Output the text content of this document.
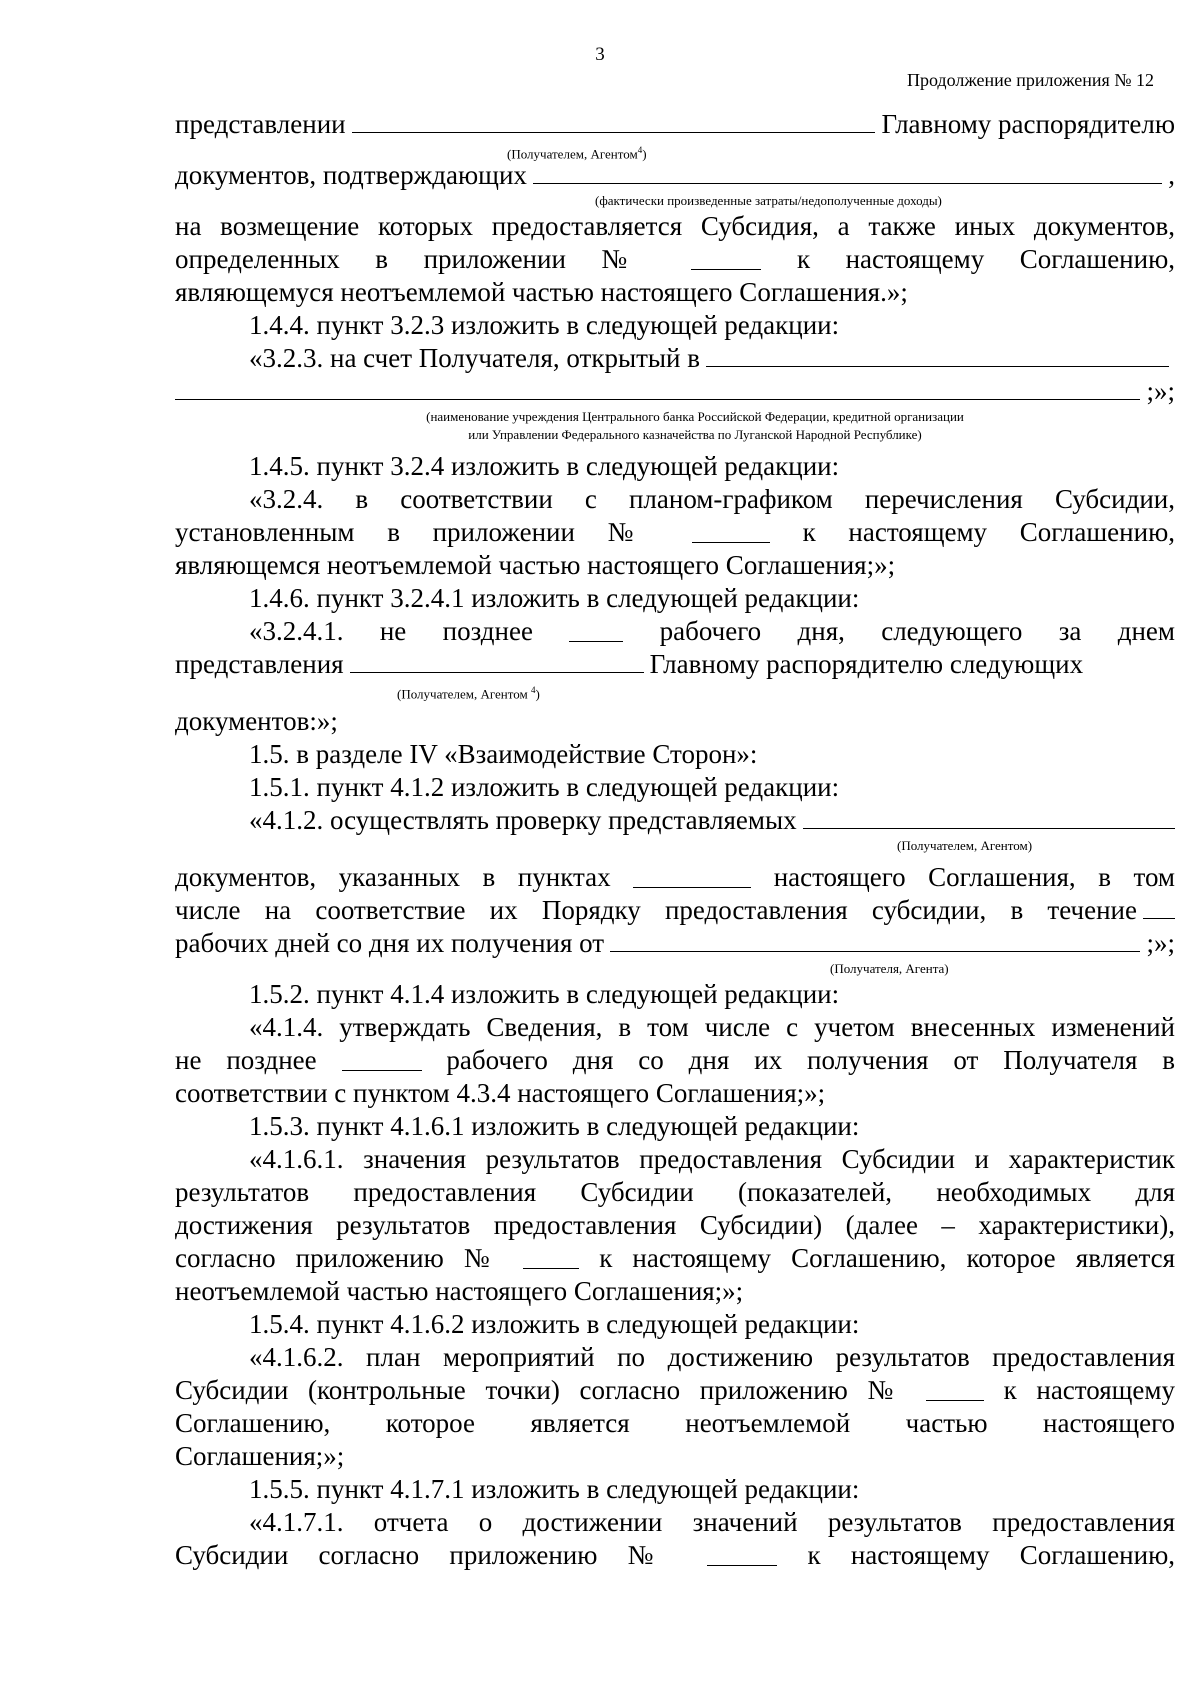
3
Продолжение приложения № 12
представлении	Главному распорядителю
(Получателем, Агентом$^4$)
документов, подтверждающих	,
(фактически произведенные затраты/недополученные доходы)
на возмещение которых предоставляется Субсидия, а также иных документов,
определенных в приложении №	к настоящему Соглашению,
являющемуся неотъемлемой частью настоящего Соглашения.»;
1.4.4. пункт 3.2.3 изложить в следующей редакции:
«3.2.3. на счет Получателя, открытый в
;»;
(наименование учреждения Центрального банка Российской Федерации, кредитной организации
или Управлении Федерального казначейства по Луганской Народной Республике)
1.4.5. пункт 3.2.4 изложить в следующей редакции:
«3.2.4. в соответствии с планом-графиком перечисления Субсидии,
установленным в приложении №	к настоящему Соглашению,
являющемся неотъемлемой частью настоящего Соглашения;»;
1.4.6. пункт 3.2.4.1 изложить в следующей редакции:
«3.2.4.1. не позднее	рабочего дня, следующего за днем
представления	Главному распорядителю следующих
(Получателем, Агентом $^4$)
документов:»;
1.5. в разделе IV «Взаимодействие Сторон»:
1.5.1. пункт 4.1.2 изложить в следующей редакции:
«4.1.2. осуществлять проверку представляемых
(Получателем, Агентом)
документов, указанных в пунктах	настоящего Соглашения, в том
числе на соответствие их Порядку предоставления субсидии, в течение
рабочих дней со дня их получения от	;»;
(Получателя, Агента)
1.5.2. пункт 4.1.4 изложить в следующей редакции:
«4.1.4. утверждать Сведения, в том числе с учетом внесенных изменений
не позднее	рабочего дня со дня их получения от Получателя в
соответствии с пунктом 4.3.4 настоящего Соглашения;»;
1.5.3. пункт 4.1.6.1 изложить в следующей редакции:
«4.1.6.1. значения результатов предоставления Субсидии и характеристик
результатов предоставления Субсидии (показателей, необходимых для
достижения результатов предоставления Субсидии) (далее – характеристики),
согласно приложению №	к настоящему Соглашению, которое является
неотъемлемой частью настоящего Соглашения;»;
1.5.4. пункт 4.1.6.2 изложить в следующей редакции:
«4.1.6.2. план мероприятий по достижению результатов предоставления
Субсидии (контрольные точки) согласно приложению №	к настоящему
Соглашению, которое является неотъемлемой частью настоящего
Соглашения;»;
1.5.5. пункт 4.1.7.1 изложить в следующей редакции:
«4.1.7.1. отчета о достижении значений результатов предоставления
Субсидии согласно приложению №	к настоящему Соглашению,
